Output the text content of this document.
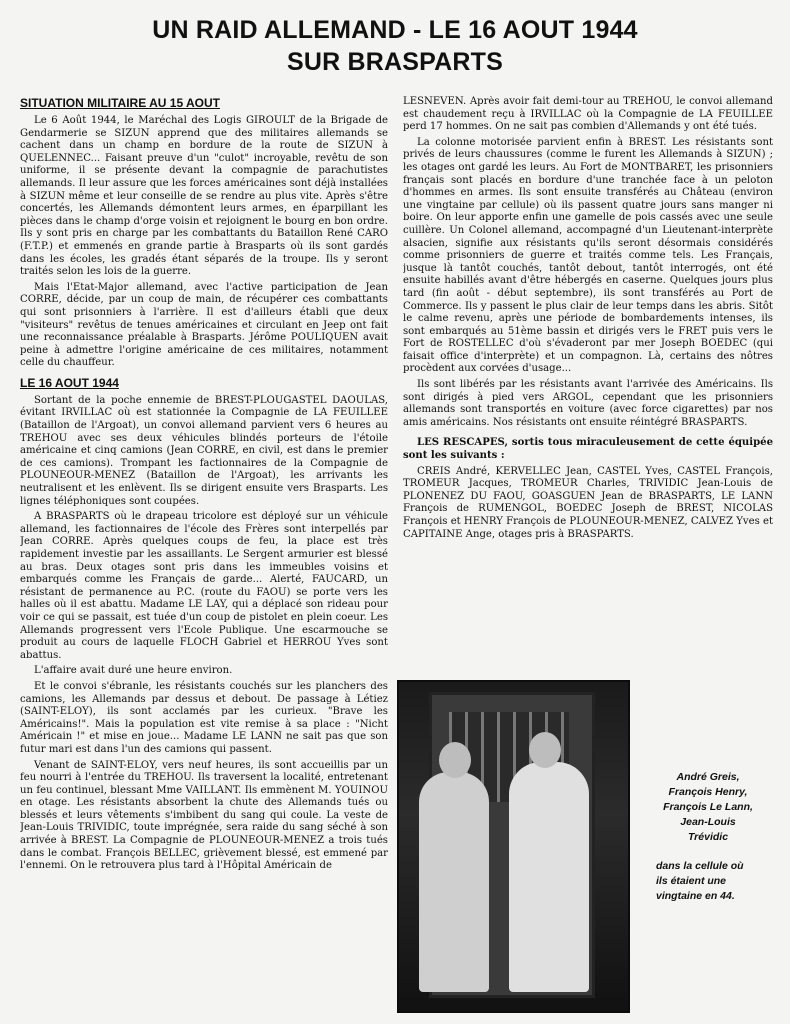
UN RAID ALLEMAND - LE 16 AOUT 1944
SUR BRASPARTS
SITUATION MILITAIRE AU 15 AOUT

Le 6 Août 1944, le Maréchal des Logis GIROULT de la Brigade de Gendarmerie se SIZUN apprend que des militaires allemands se cachent dans un champ en bordure de la route de SIZUN à QUELENNEC... Faisant preuve d'un "culot" incroyable, revêtu de son uniforme, il se présente devant la compagnie de parachutistes allemands. Il leur assure que les forces américaines sont déjà installées à SIZUN même et leur conseille de se rendre au plus vite. Après s'être concertés, les Allemands démontent leurs armes, en éparpillant les pièces dans le champ d'orge voisin et rejoignent le bourg en bon ordre. Ils y sont pris en charge par les combattants du Bataillon René CARO (F.T.P.) et emmenés en grande partie à Brasparts où ils sont gardés dans les écoles, les gradés étant séparés de la troupe. Ils y seront traités selon les lois de la guerre.

Mais l'Etat-Major allemand, avec l'active participation de Jean CORRE, décide, par un coup de main, de récupérer ces combattants qui sont prisonniers à l'arrière. Il est d'ailleurs établi que deux "visiteurs" revêtus de tenues américaines et circulant en Jeep ont fait une reconnaissance préalable à Brasparts. Jérôme POULIQUEN avait peine à admettre l'origine américaine de ces militaires, notamment celle du chauffeur.

LE 16 AOUT 1944

Sortant de la poche ennemie de BREST-PLOUGASTEL DAOULAS, évitant IRVILLAC où est stationnée la Compagnie de LA FEUILLEE (Bataillon de l'Argoat), un convoi allemand parvient vers 6 heures au TREHOU avec ses deux véhicules blindés porteurs de l'étoile américaine et cinq camions (Jean CORRE, en civil, est dans le premier de ces camions). Trompant les factionnaires de la Compagnie de PLOUNEOUR-MENEZ (Bataillon de l'Argoat), les arrivants les neutralisent et les enlèvent. Ils se dirigent ensuite vers Brasparts. Les lignes téléphoniques sont coupées.

A BRASPARTS où le drapeau tricolore est déployé sur un véhicule allemand, les factionnaires de l'école des Frères sont interpellés par Jean CORRE. Après quelques coups de feu, la place est très rapidement investie par les assaillants. Le Sergent armurier est blessé au bras. Deux otages sont pris dans les immeubles voisins et embarqués comme les Français de garde... Alerté, FAUCARD, un résistant de permanence au P.C. (route du FAOU) se porte vers les halles où il est abattu. Madame LE LAY, qui a déplacé son rideau pour voir ce qui se passait, est tuée d'un coup de pistolet en plein coeur. Les Allemands progressent vers l'Ecole Publique. Une escarmouche se produit au cours de laquelle FLOCH Gabriel et HERROU Yves sont abattus.

L'affaire avait duré une heure environ.

Et le convoi s'ébranle, les résistants couchés sur les planchers des camions, les Allemands par dessus et debout. De passage à Létiez (SAINT-ELOY), ils sont acclamés par les curieux. "Brave les Américains!". Mais la population est vite remise à sa place : "Nicht Américain !" et mise en joue... Madame LE LANN ne sait pas que son futur mari est dans l'un des camions qui passent.

Venant de SAINT-ELOY, vers neuf heures, ils sont accueillis par un feu nourri à l'entrée du TREHOU. Ils traversent la localité, entretenant un feu continuel, blessant Mme VAILLANT. Ils emmènent M. YOUINOU en otage. Les résistants absorbent la chute des Allemands tués ou blessés et leurs vêtements s'imbibent du sang qui coule. La veste de Jean-Louis TRIVIDIC, toute imprégnée, sera raide du sang séché à son arrivée à BREST. La Compagnie de PLOUNEOUR-MENEZ a trois tués dans le combat. François BELLEC, grièvement blessé, est emmené par l'ennemi. On le retrouvera plus tard à l'Hôpital Américain de

LESNEVEN. Après avoir fait demi-tour au TREHOU, le convoi allemand est chaudement reçu à IRVILLAC où la Compagnie de LA FEUILLEE perd 17 hommes. On ne sait pas combien d'Allemands y ont été tués.

La colonne motorisée parvient enfin à BREST. Les résistants sont privés de leurs chaussures (comme le furent les Allemands à SIZUN) ; les otages ont gardé les leurs. Au Fort de MONTBARET, les prisonniers français sont placés en bordure d'une tranchée face à un peloton d'hommes en armes. Ils sont ensuite transférés au Château (environ une vingtaine par cellule) où ils passent quatre jours sans manger ni boire. On leur apporte enfin une gamelle de pois cassés avec une seule cuillère. Un Colonel allemand, accompagné d'un Lieutenant-interprète alsacien, signifie aux résistants qu'ils seront désormais considérés comme prisonniers de guerre et traités comme tels. Les Français, jusque là tantôt couchés, tantôt debout, tantôt interrogés, ont été ensuite habillés avant d'être hébergés en caserne. Quelques jours plus tard (fin août - début septembre), ils sont transférés au Port de Commerce. Ils y passent le plus clair de leur temps dans les abris. Sitôt le calme revenu, après une période de bombardements intenses, ils sont embarqués au 51ème bassin et dirigés vers le FRET puis vers le Fort de ROSTELLEC d'où s'évaderont par mer Joseph BOEDEC (qui faisait office d'interprète) et un compagnon. Là, certains des nôtres procèdent aux corvées d'usage...

Ils sont libérés par les résistants avant l'arrivée des Américains. Ils sont dirigés à pied vers ARGOL, cependant que les prisonniers allemands sont transportés en voiture (avec force cigarettes) par nos amis américains. Nos résistants ont ensuite réintégré BRASPARTS.

LES RESCAPES, sortis tous miraculeusement de cette équipée sont les suivants :

CREIS André, KERVELLEC Jean, CASTEL Yves, CASTEL François, TROMEUR Jacques, TROMEUR Charles, TRIVIDIC Jean-Louis de PLONENEZ DU FAOU, GOASGUEN Jean de BRASPARTS, LE LANN François de RUMENGOL, BOEDEC Joseph de BREST, NICOLAS François et HENRY François de PLOUNEOUR-MENEZ, CALVEZ Yves et CAPITAINE Ange, otages pris à BRASPARTS.

André Greis,
François Henry,
François Le Lann,
Jean-Louis
Trévidic
dans la cellule où
ils étaient une
vingtaine en 44.
